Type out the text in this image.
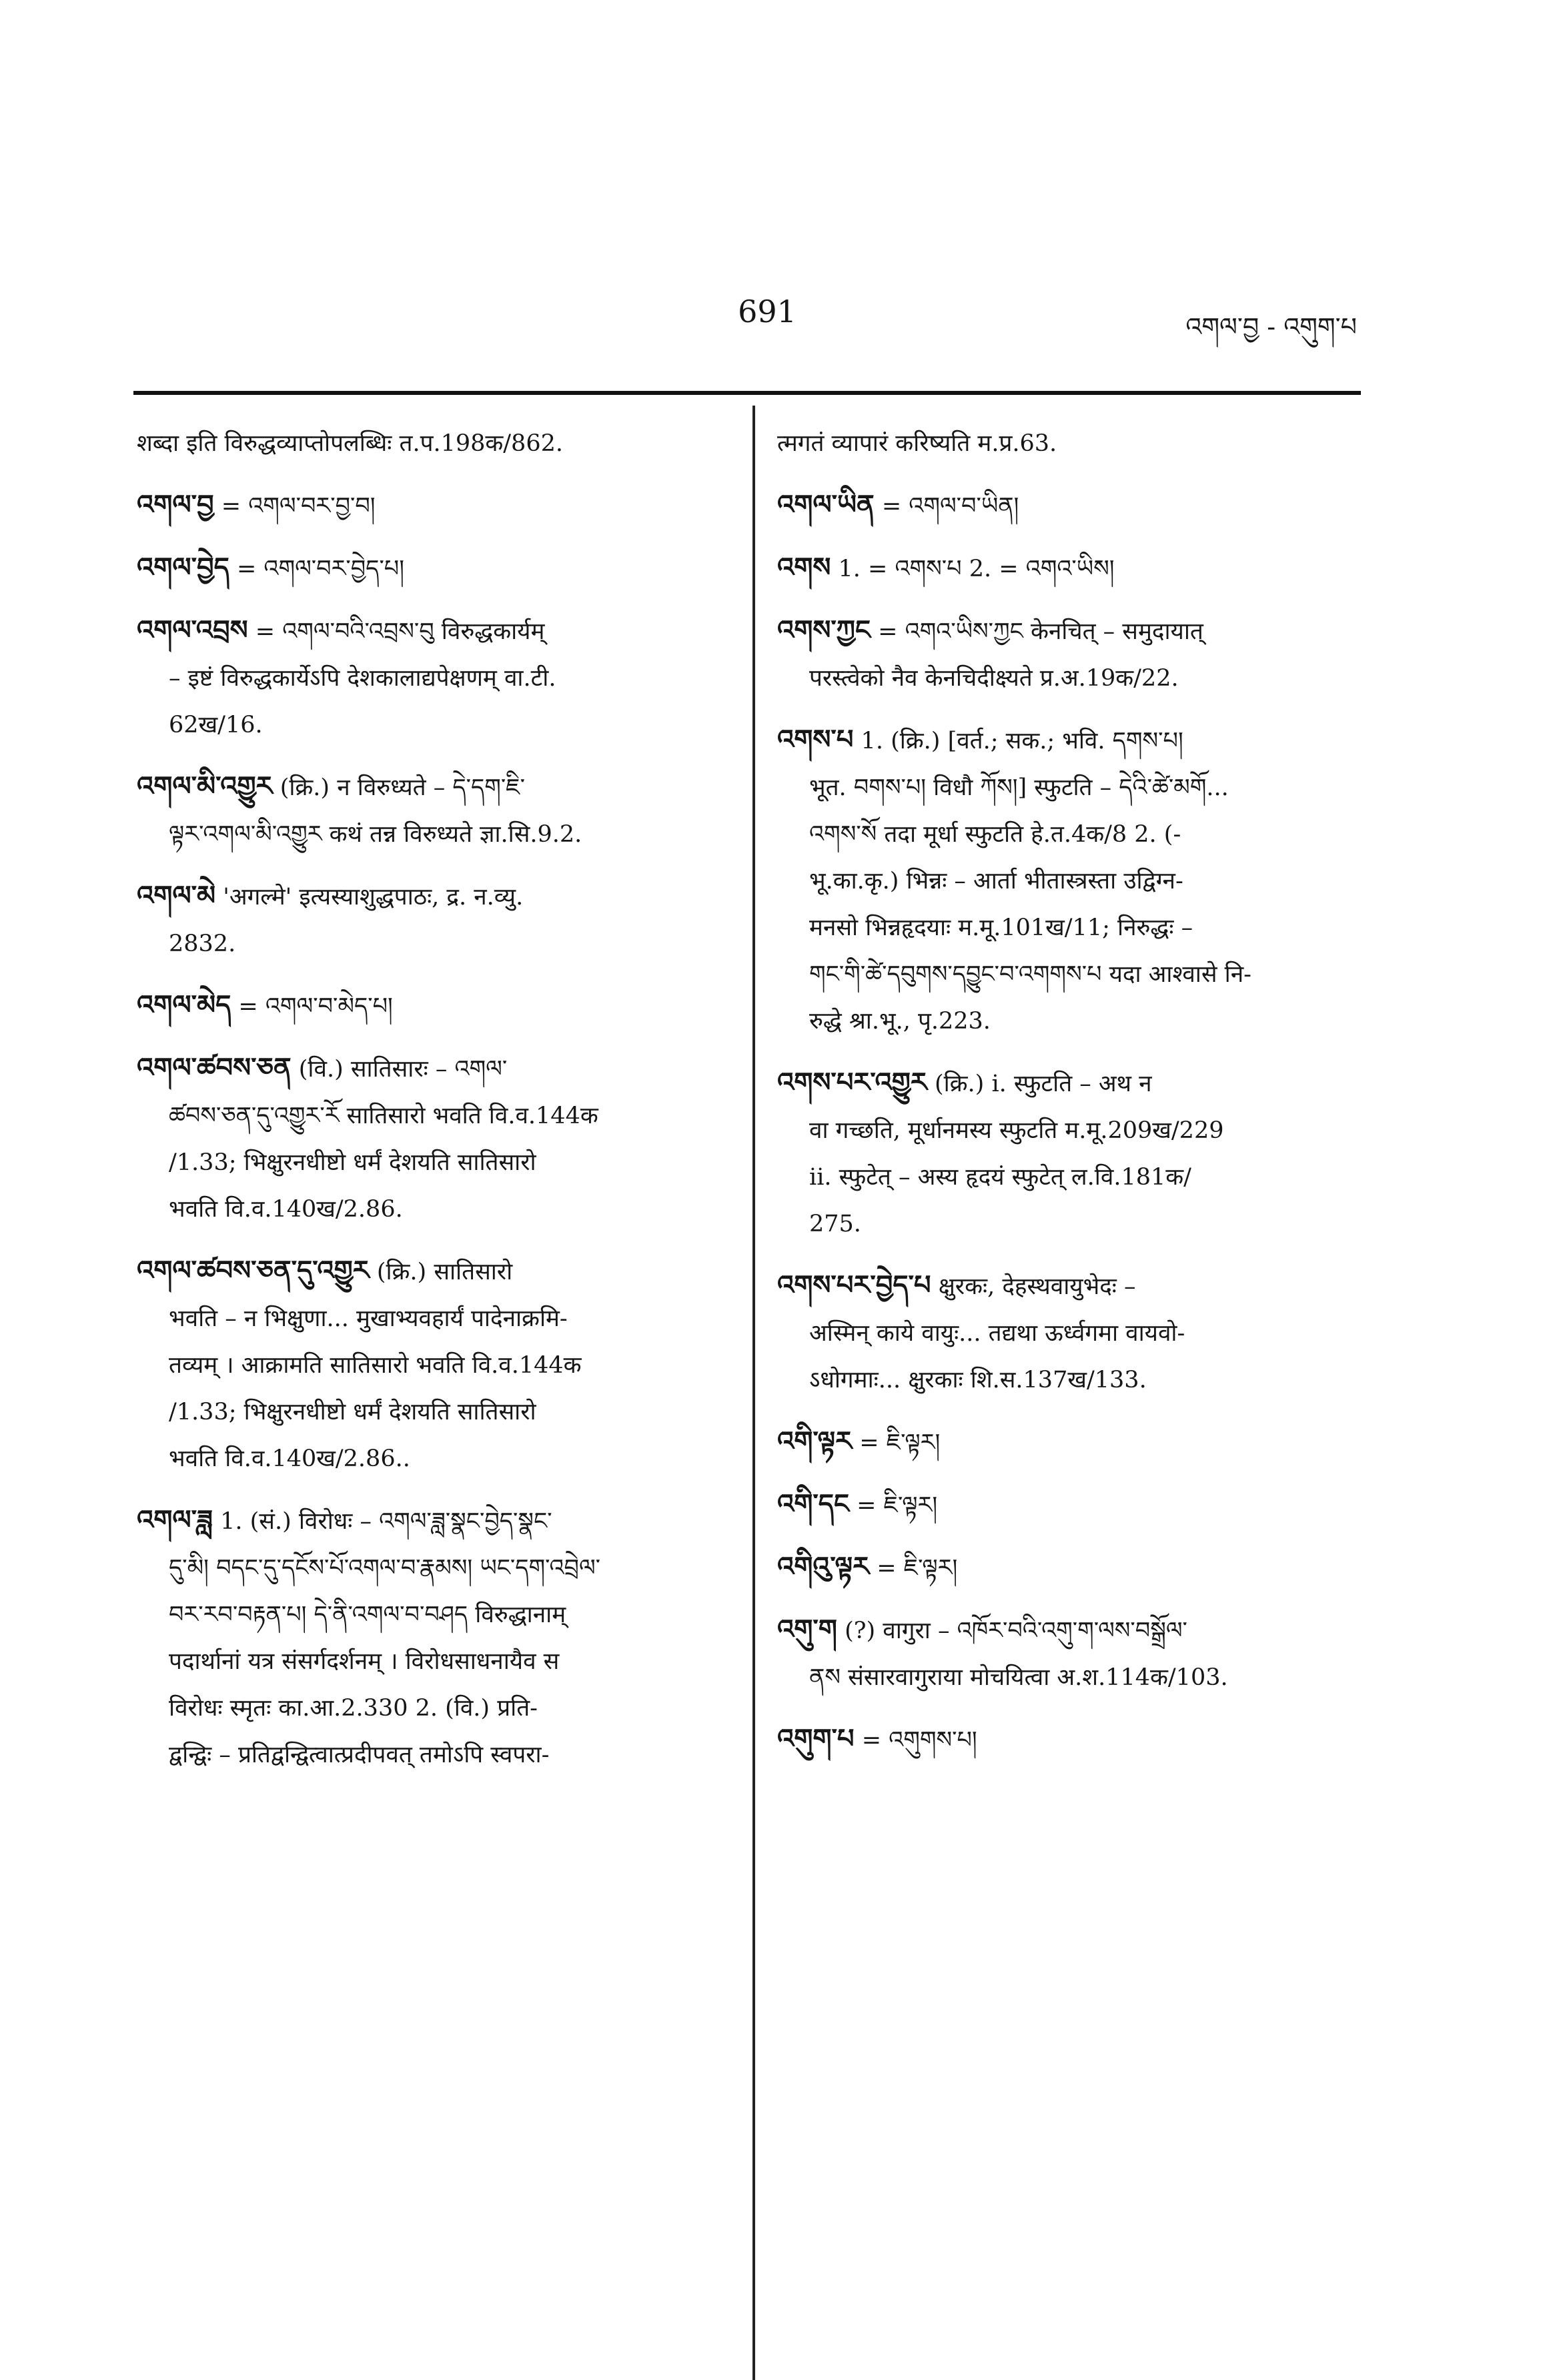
691	འགལ་བྱ - འགུག་པ
शब्दा इति विरुद्धव्याप्तोपलब्धिः त.प.198क/862.
འགལ་བྱ = འགལ་བར་བྱ་བ།
འགལ་བྱེད = འགལ་བར་བྱེད་པ།
འགལ་འབྲས = འགལ་བའི་འབྲས་བུ विरुद्धकार्यम्
– इष्टं विरुद्धकार्येऽपि देशकालाद्यपेक्षणम् वा.टी.
62ख/16.
འགལ་མི་འགྱུར (क्रि.) न विरुध्यते – དེ་དག་ཇི་
ལྟར་འགལ་མི་འགྱུར कथं तन्न विरुध्यते ज्ञा.सि.9.2.
འགལ་མེ 'अगल्मे' इत्यस्याशुद्धपाठः, द्र. न.व्यु.
2832.
འགལ་མེད = འགལ་བ་མེད་པ།
འགལ་ཚབས་ཅན (वि.) सातिसारः – འགལ་
ཚབས་ཅན་དུ་འགྱུར་རོ सातिसारो भवति वि.व.144क
/1.33; भिक्षुरनधीष्टो धर्मं देशयति सातिसारो
भवति वि.व.140ख/2.86.
འགལ་ཚབས་ཅན་དུ་འགྱུར (क्रि.) सातिसारो
भवति – न भिक्षुणा... मुखाभ्यवहार्यं पादेनाक्रमि-
तव्यम् । आक्रामति सातिसारो भवति वि.व.144क
/1.33; भिक्षुरनधीष्टो धर्मं देशयति सातिसारो
भवति वि.व.140ख/2.86..
འགལ་ཟླ 1. (सं.) विरोधः – འགལ་ཟླ་སྣང་བྱེད་སྣང་
དུ་མི། བདང་དུ་དངོས་པོ་འགལ་བ་རྣམས། ཡང་དག་འབྲེལ་
བར་རབ་བརྟན་པ། དེ་ནི་འགལ་བ་བཤད विरुद्धानाम्
पदार्थानां यत्र संसर्गदर्शनम् । विरोधसाधनायैव स
विरोधः स्मृतः का.आ.2.330 2. (वि.) प्रति-
द्वन्द्विः – प्रतिद्वन्द्वित्वात्प्रदीपवत् तमोऽपि स्वपरा-
त्मगतं व्यापारं करिष्यति म.प्र.63.
འགལ་ཡིན = འགལ་བ་ཡིན།
འགས 1. = འགས་པ 2. = འགའ་ཡིས།
འགས་ཀྱང = འགའ་ཡིས་ཀྱང केनचित् – समुदायात्
परस्त्वेको नैव केनचिदीक्ष्यते प्र.अ.19क/22.
འགས་པ 1. (क्रि.) [वर्त.; सक.; भवि. དགས་པ།
भूत. བགས་པ། विधौ ཀོས།] स्फुटति – དེའི་ཚེ་མགོ...
འགས་སོ तदा मूर्धा स्फुटति हे.त.4क/8 2. (-
भू.का.कृ.) भिन्नः – आर्ता भीतास्त्रस्ता उद्विग्न-
मनसो भिन्नहृदयाः म.मू.101ख/11; निरुद्धः –
གང་གི་ཚེ་དབུགས་དབྱུང་བ་འགགས་པ यदा आश्वासे नि-
रुद्धे श्रा.भू., पृ.223.
འགས་པར་འགྱུར (क्रि.) i. स्फुटति – अथ न
वा गच्छति, मूर्धानमस्य स्फुटति म.मू.209ख/229
ii. स्फुटेत् – अस्य हृदयं स्फुटेत् ल.वि.181क/
275.
འགས་པར་བྱེད་པ क्षुरकः, देहस्थवायुभेदः –
अस्मिन् काये वायुः... तद्यथा ऊर्ध्वगमा वायवो-
ऽधोगमाः... क्षुरकाः शि.स.137ख/133.
འགི་ལྟར = ཇི་ལྟར།
འགི་དང = ཇི་ལྟར།
འགིའུ་ལྟར = ཇི་ལྟར།
འགུ་ག (?) वागुरा – འཁོར་བའི་འགུ་ག་ལས་བསྒྲོལ་
ནས संसारवागुराया मोचयित्वा अ.श.114क/103.
འགུག་པ = འགུགས་པ།
